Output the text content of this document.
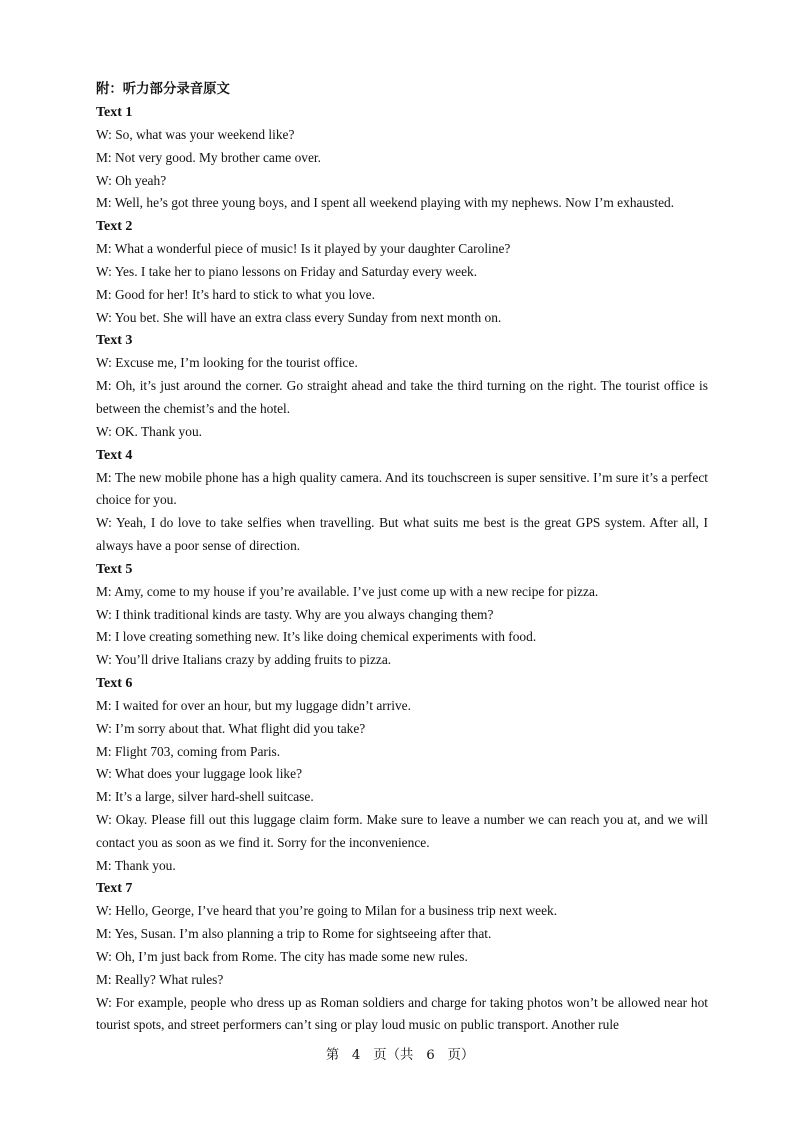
附：听力部分录音原文
Text 1

W: So, what was your weekend like?

M: Not very good. My brother came over.

W: Oh yeah?

M: Well, he’s got three young boys, and I spent all weekend playing with my nephews. Now I’m exhausted.

Text 2

M: What a wonderful piece of music! Is it played by your daughter Caroline?

W: Yes. I take her to piano lessons on Friday and Saturday every week.

M: Good for her! It’s hard to stick to what you love.

W: You bet. She will have an extra class every Sunday from next month on.

Text 3

W: Excuse me, I’m looking for the tourist office.

M: Oh, it’s just around the corner. Go straight ahead and take the third turning on the right. The tourist office is between the chemist’s and the hotel.

W: OK. Thank you.

Text 4

M: The new mobile phone has a high quality camera. And its touchscreen is super sensitive. I’m sure it’s a perfect choice for you.

W: Yeah, I do love to take selfies when travelling. But what suits me best is the great GPS system. After all, I always have a poor sense of direction.

Text 5

M: Amy, come to my house if you’re available. I’ve just come up with a new recipe for pizza.

W: I think traditional kinds are tasty. Why are you always changing them?

M: I love creating something new. It’s like doing chemical experiments with food.

W: You’ll drive Italians crazy by adding fruits to pizza.

Text 6

M: I waited for over an hour, but my luggage didn’t arrive.

W: I’m sorry about that. What flight did you take?

M: Flight 703, coming from Paris.

W: What does your luggage look like?

M: It’s a large, silver hard-shell suitcase.

W: Okay. Please fill out this luggage claim form. Make sure to leave a number we can reach you at, and we will contact you as soon as we find it. Sorry for the inconvenience.

M: Thank you.

Text 7

W: Hello, George, I’ve heard that you’re going to Milan for a business trip next week.

M: Yes, Susan. I’m also planning a trip to Rome for sightseeing after that.

W: Oh, I’m just back from Rome. The city has made some new rules.

M: Really? What rules?

W: For example, people who dress up as Roman soldiers and charge for taking photos won’t be allowed near hot tourist spots, and street performers can’t sing or play loud music on public transport. Another rule

第 4 页（共 6 页）
